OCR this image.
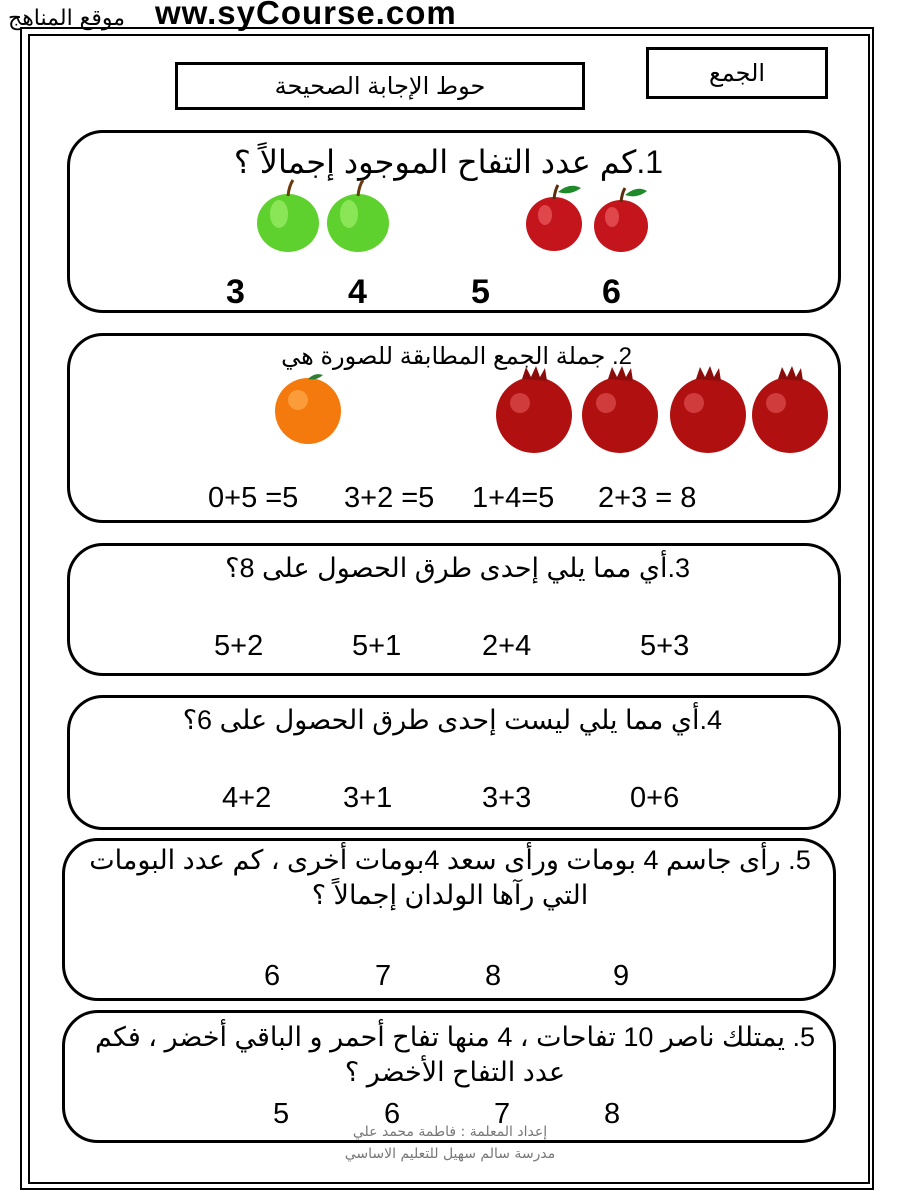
موقع المناهج ww.syCourse.com
الجمع
حوط الإجابة الصحيحة
1.كم عدد التفاح الموجود إجمالاً ؟
3	4	5	6
2. جملة الجمع المطابقة للصورة هي
0+5 =5 3+2 =5 1+4=5 2+3 = 8
3.أي مما يلي إحدى طرق الحصول على 8؟
5+2	5+1	2+4	5+3
4.أي مما يلي ليست إحدى طرق الحصول على 6؟
4+2 3+1	3+3	0+6
5. رأى جاسم 4 بومات ورأى سعد 4بومات أخرى ، كم عدد البومات التي رآها الولدان إجمالاً ؟
6	7	8	9
5. يمتلك ناصر 10 تفاحات ، 4 منها تفاح أحمر و الباقي أخضر ، فكم عدد التفاح الأخضر ؟
5	6	7	8
إعداد المعلمة : فاطمة محمد علي
مدرسة سالم سهيل للتعليم الاساسي
